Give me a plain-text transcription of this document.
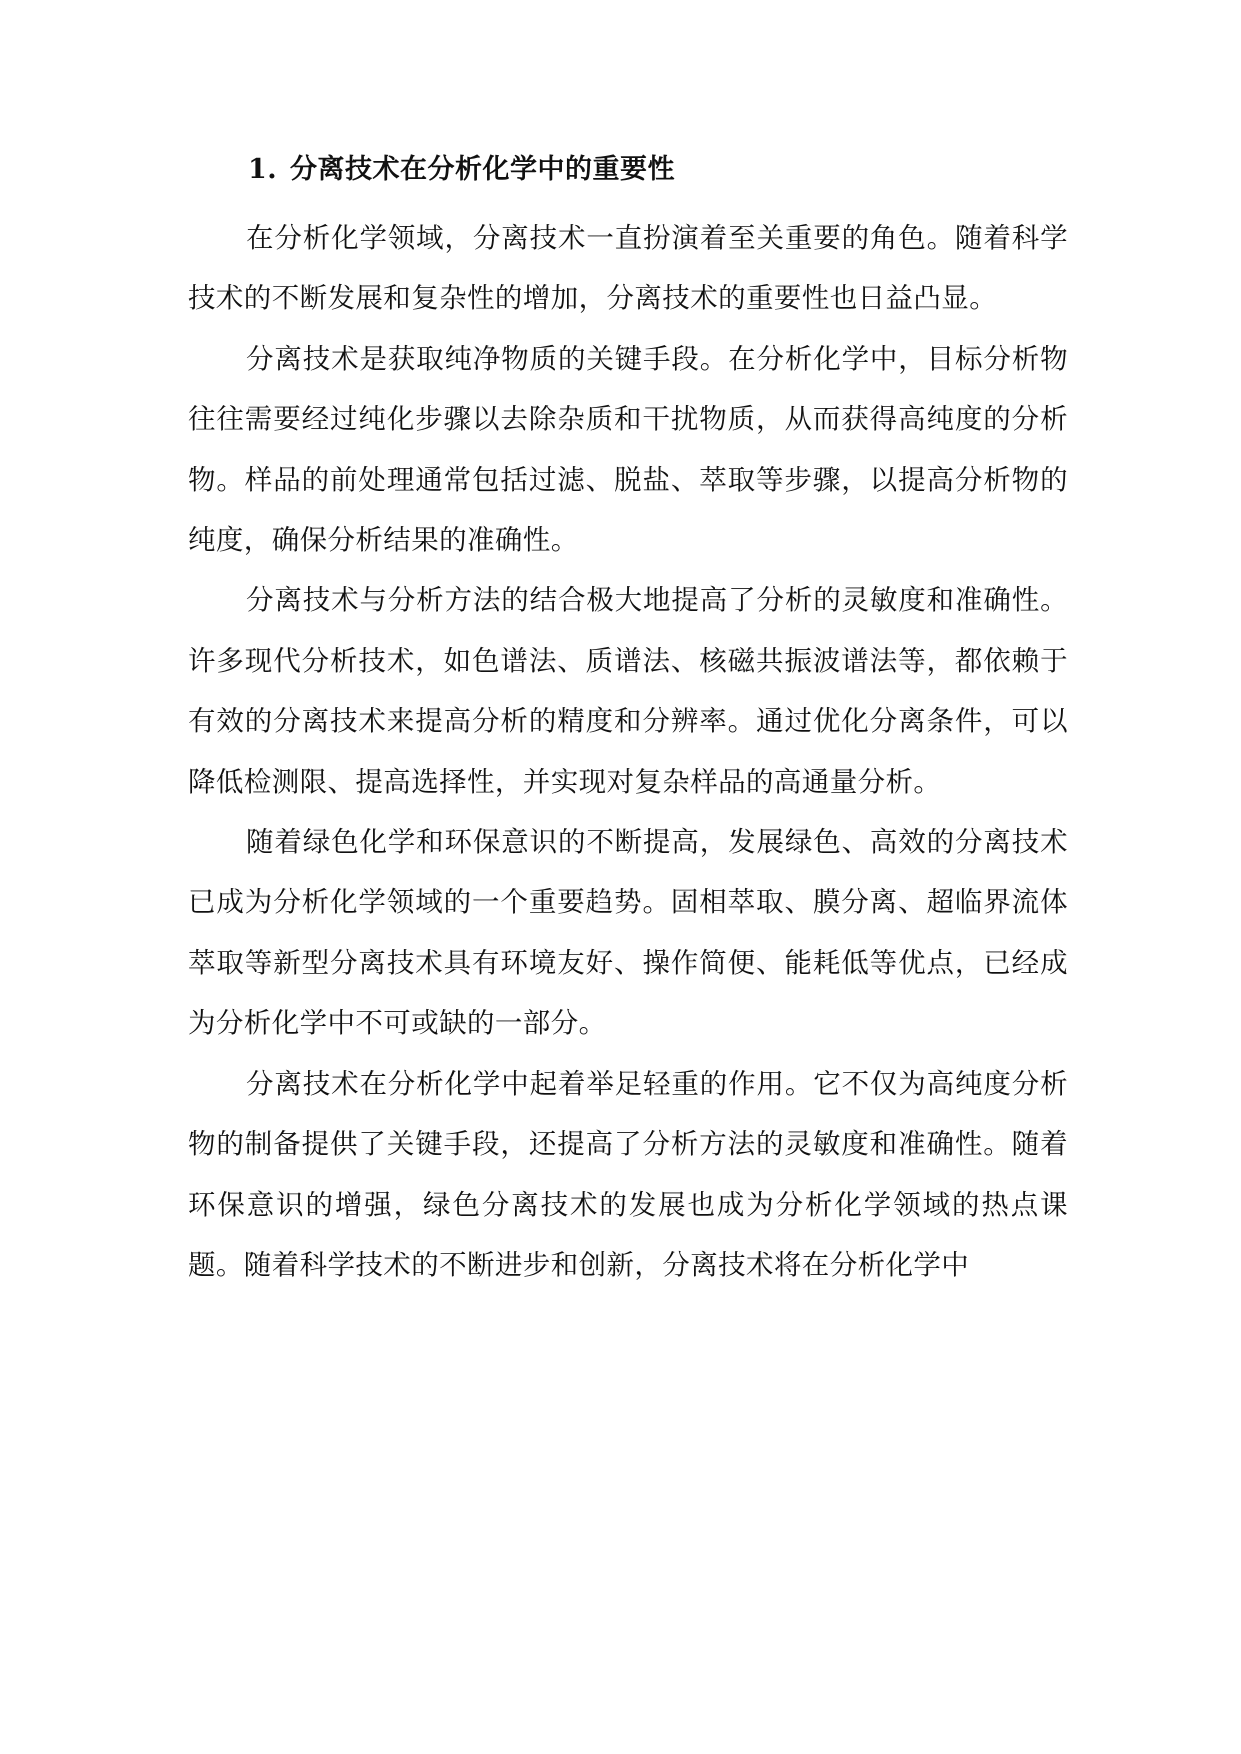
1. 分离技术在分析化学中的重要性

在分析化学领域，分离技术一直扮演着至关重要的角色。随着科学技术的不断发展和复杂性的增加，分离技术的重要性也日益凸显。

分离技术是获取纯净物质的关键手段。在分析化学中，目标分析物往往需要经过纯化步骤以去除杂质和干扰物质，从而获得高纯度的分析物。样品的前处理通常包括过滤、脱盐、萃取等步骤，以提高分析物的纯度，确保分析结果的准确性。

分离技术与分析方法的结合极大地提高了分析的灵敏度和准确性。许多现代分析技术，如色谱法、质谱法、核磁共振波谱法等，都依赖于有效的分离技术来提高分析的精度和分辨率。通过优化分离条件，可以降低检测限、提高选择性，并实现对复杂样品的高通量分析。

随着绿色化学和环保意识的不断提高，发展绿色、高效的分离技术已成为分析化学领域的一个重要趋势。固相萃取、膜分离、超临界流体萃取等新型分离技术具有环境友好、操作简便、能耗低等优点，已经成为分析化学中不可或缺的一部分。

分离技术在分析化学中起着举足轻重的作用。它不仅为高纯度分析物的制备提供了关键手段，还提高了分析方法的灵敏度和准确性。随着环保意识的增强，绿色分离技术的发展也成为分析化学领域的热点课题。随着科学技术的不断进步和创新，分离技术将在分析化学中
